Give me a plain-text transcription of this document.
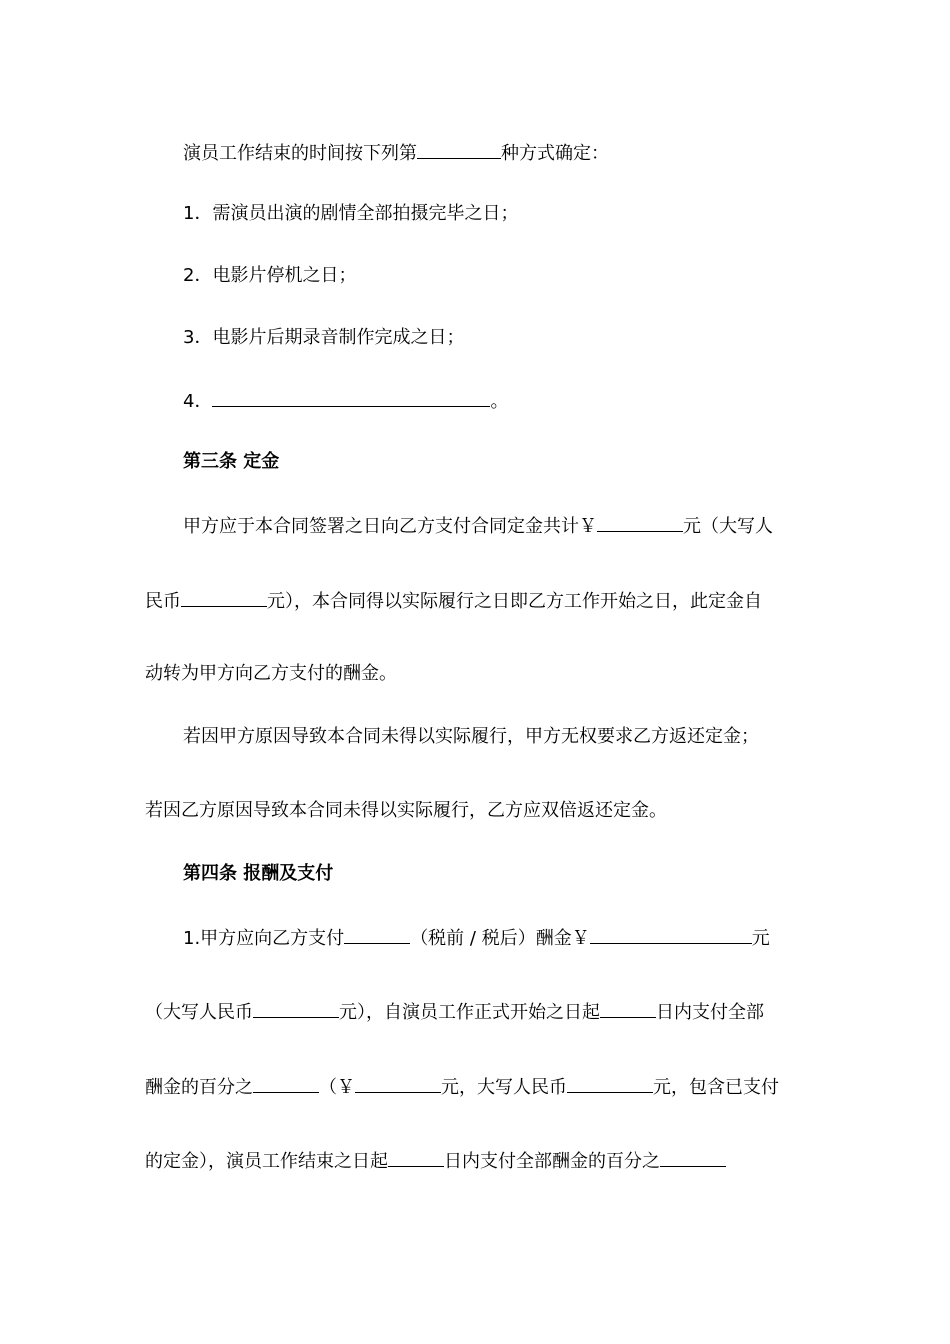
演员工作结束的时间按下列第	种方式确定：
1．需演员出演的剧情全部拍摄完毕之日；
2．电影片停机之日；
3．电影片后期录音制作完成之日；
4．	。
第三条 定金
甲方应于本合同签署之日向乙方支付合同定金共计￥	元（大写人
民币	元），本合同得以实际履行之日即乙方工作开始之日，此定金自
动转为甲方向乙方支付的酬金。
若因甲方原因导致本合同未得以实际履行，甲方无权要求乙方返还定金；
若因乙方原因导致本合同未得以实际履行，乙方应双倍返还定金。
第四条 报酬及支付
1.甲方应向乙方支付	（税前 / 税后）酬金￥	元
（大写人民币	元），自演员工作正式开始之日起	日内支付全部
酬金的百分之	（￥	元，大写人民币	元，包含已支付
的定金），演员工作结束之日起	日内支付全部酬金的百分之
